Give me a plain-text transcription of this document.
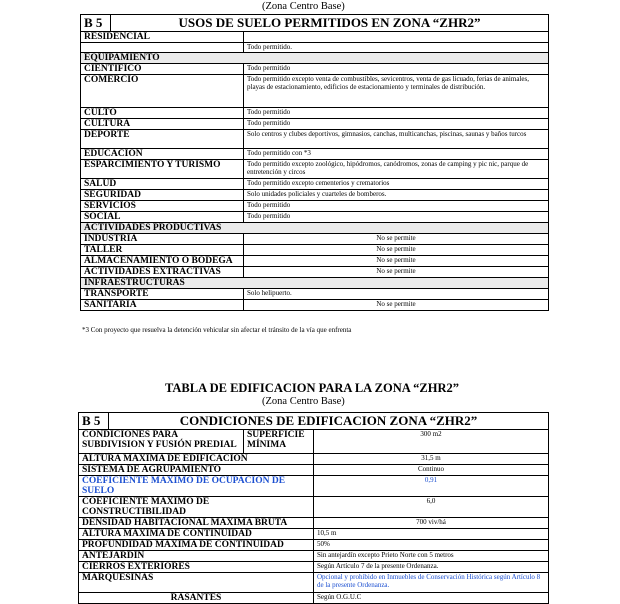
(Zona Centro Base)
B 5	USOS DE SUELO PERMITIDOS EN ZONA “ZHR2”	
RESIDENCIAL		
		Todo permitido.
EQUIPAMIENTO		
CIENTIFICO		Todo permitido
COMERCIO		Todo permitido excepto venta de combustibles, sevicentros, venta de gas licuado, ferias de animales, playas de estacionamiento, edificios de estacionamiento y terminales de distribución.
CULTO		Todo permitido
CULTURA		Todo permitido
DEPORTE		Solo centros y clubes deportivos, gimnasios, canchas, multicanchas, piscinas, saunas y baños turcos
EDUCACION		Todo permitido con *3
ESPARCIMIENTO Y TURISMO		Todo permitido excepto zoológico, hipódromos, canódromos, zonas de camping y pic nic, parque de entretención y circos
SALUD		Todo permitido excepto cementerios y crematorios
SEGURIDAD		Solo unidades policiales y cuarteles de bomberos.
SERVICIOS		Todo permitido
SOCIAL		Todo permitido
ACTIVIDADES PRODUCTIVAS		
INDUSTRIA		No se permite
TALLER		No se permite
ALMACENAMIENTO O BODEGA		No se permite
ACTIVIDADES EXTRACTIVAS		No se permite
INFRAESTRUCTURAS		
TRANSPORTE		Solo helipuerto.
SANITARIA		No se permite
*3 Con proyecto que resuelva la detención vehicular sin afectar el tránsito de la vía que enfrenta
TABLA DE EDIFICACION PARA LA ZONA “ZHR2”
(Zona Centro Base)
B 5	CONDICIONES DE EDIFICACION ZONA “ZHR2”		
CONDICIONES PARA SUBDIVISION Y FUSIÓN PREDIAL		SUPERFICIE MÍNIMA	300 m2
ALTURA MÁXIMA DE EDIFICACIÓN			31,5 m
SISTEMA DE AGRUPAMIENTO			Continuo
COEFICIENTE MAXIMO DE OCUPACION DE SUELO			0,91
COEFICIENTE MÁXIMO DE CONSTRUCTIBILIDAD			6,0
DENSIDAD HABITACIONAL MÁXIMA BRUTA			700 viv/há
ALTURA MÁXIMA DE CONTINUIDAD			10,5 m
PROFUNDIDAD MAXIMA DE CONTINUIDAD			50%
ANTEJARDÍN			Sin antejardín excepto Prieto Norte con 5 metros
CIERROS EXTERIORES			Según Artículo 7 de la presente Ordenanza.
MARQUESINAS			Opcional y prohibido en Inmuebles de Conservación Histórica según Artículo 8 de la presente Ordenanza.
RASANTES			Según O.G.U.C
